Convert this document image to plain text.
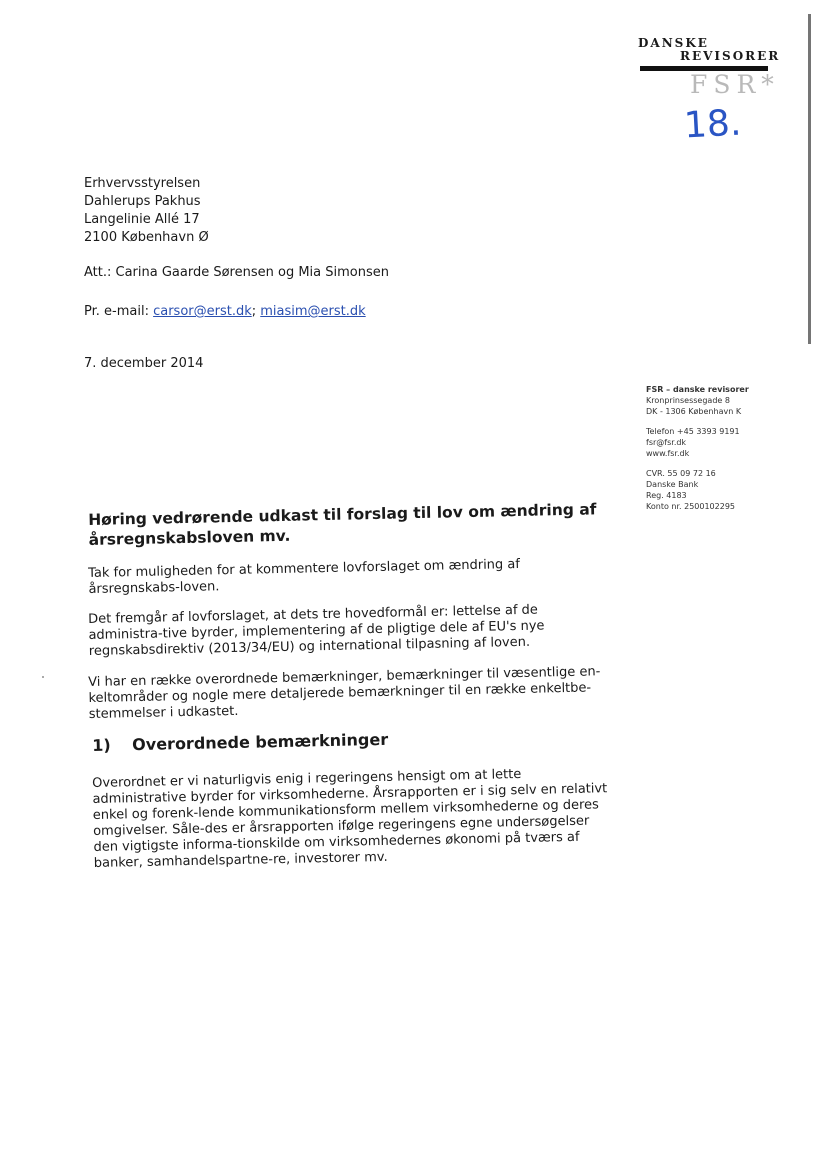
DANSKE
REVISORER
FSR*
18.
Erhvervsstyrelsen
Dahlerups Pakhus
Langelinie Allé 17
2100 København Ø
Att.: Carina Gaarde Sørensen og Mia Simonsen
Pr. e-mail: carsor@erst.dk; miasim@erst.dk
7. december 2014
FSR – danske revisorer
Kronprinsessegade 8
DK - 1306 København K
Telefon +45 3393 9191
fsr@fsr.dk
www.fsr.dk
CVR. 55 09 72 16
Danske Bank
Reg. 4183
Konto nr. 2500102295
Høring vedrørende udkast til forslag til lov om ændring af årsregnskabsloven mv.
Tak for muligheden for at kommentere lovforslaget om ændring af årsregnskabs-loven.
Det fremgår af lovforslaget, at dets tre hovedformål er: lettelse af de administra-tive byrder, implementering af de pligtige dele af EU's nye regnskabsdirektiv (2013/34/EU) og international tilpasning af loven.
Vi har en række overordnede bemærkninger, bemærkninger til væsentlige en-keltområder og nogle mere detaljerede bemærkninger til en række enkeltbe-stemmelser i udkastet.
1) Overordnede bemærkninger
Overordnet er vi naturligvis enig i regeringens hensigt om at lette administrative byrder for virksomhederne. Årsrapporten er i sig selv en relativt enkel og forenk-lende kommunikationsform mellem virksomhederne og deres omgivelser. Såle-des er årsrapporten ifølge regeringens egne undersøgelser den vigtigste informa-tionskilde om virksomhedernes økonomi på tværs af banker, samhandelspartne-re, investorer mv.
